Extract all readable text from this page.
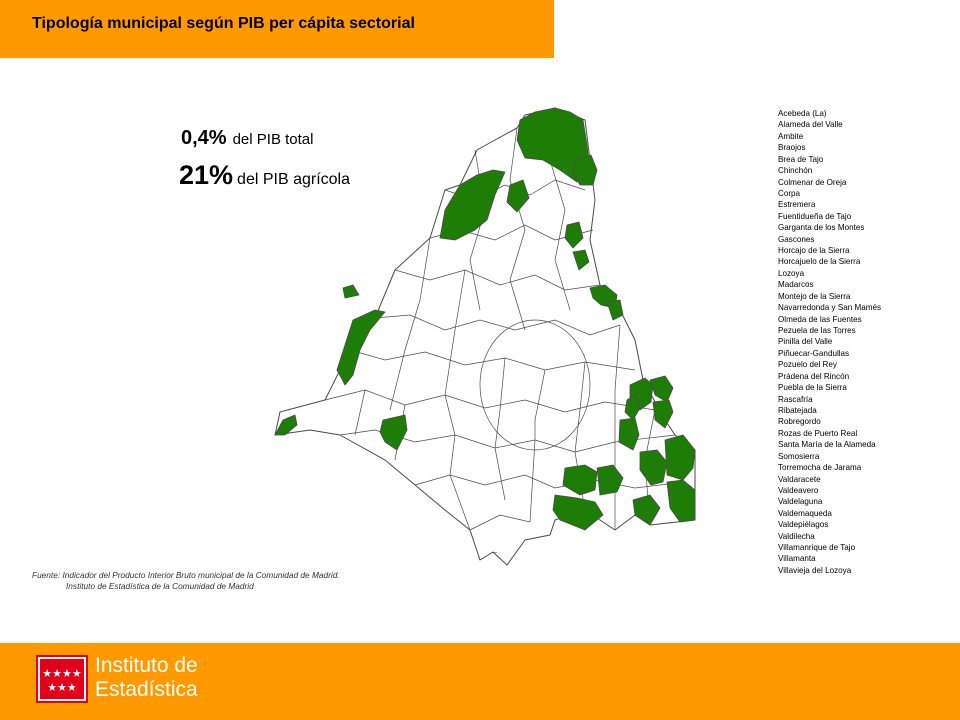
Tipología municipal según PIB per cápita sectorial
0,4% del PIB total
21% del PIB agrícola
~
Acebeda (La)
Alameda del Valle
Ambite
Braojos
Brea de Tajo
Chinchón
Colmenar de Oreja
Corpa
Estremera
Fuentidueña de Tajo
Garganta de los Montes
Gascones
Horcajo de la Sierra
Horcajuelo de la Sierra
Lozoya
Madarcos
Montejo de la Sierra
Navarredonda y San Mamés
Olmeda de las Fuentes
Pezuela de las Torres
Pinilla del Valle
Piñuecar-Gandullas
Pozuelo del Rey
Prádena del Rincón
Puebla de la Sierra
Rascafría
Ribatejada
Robregordo
Rozas de Puerto Real
Santa María de la Alameda
Somosierra
Torremocha de Jarama
Valdaracete
Valdeavero
Valdelaguna
Valdemaqueda
Valdepiélagos
Valdilecha
Villamanrique de Tajo
Villamanta
Villavieja del Lozoya
Fuente: Indicador del Producto Interior Bruto municipal de la Comunidad de Madrid.
Instituto de Estadística de la Comunidad de Madrid
★★★★
★★★
Instituto de
Estadística
